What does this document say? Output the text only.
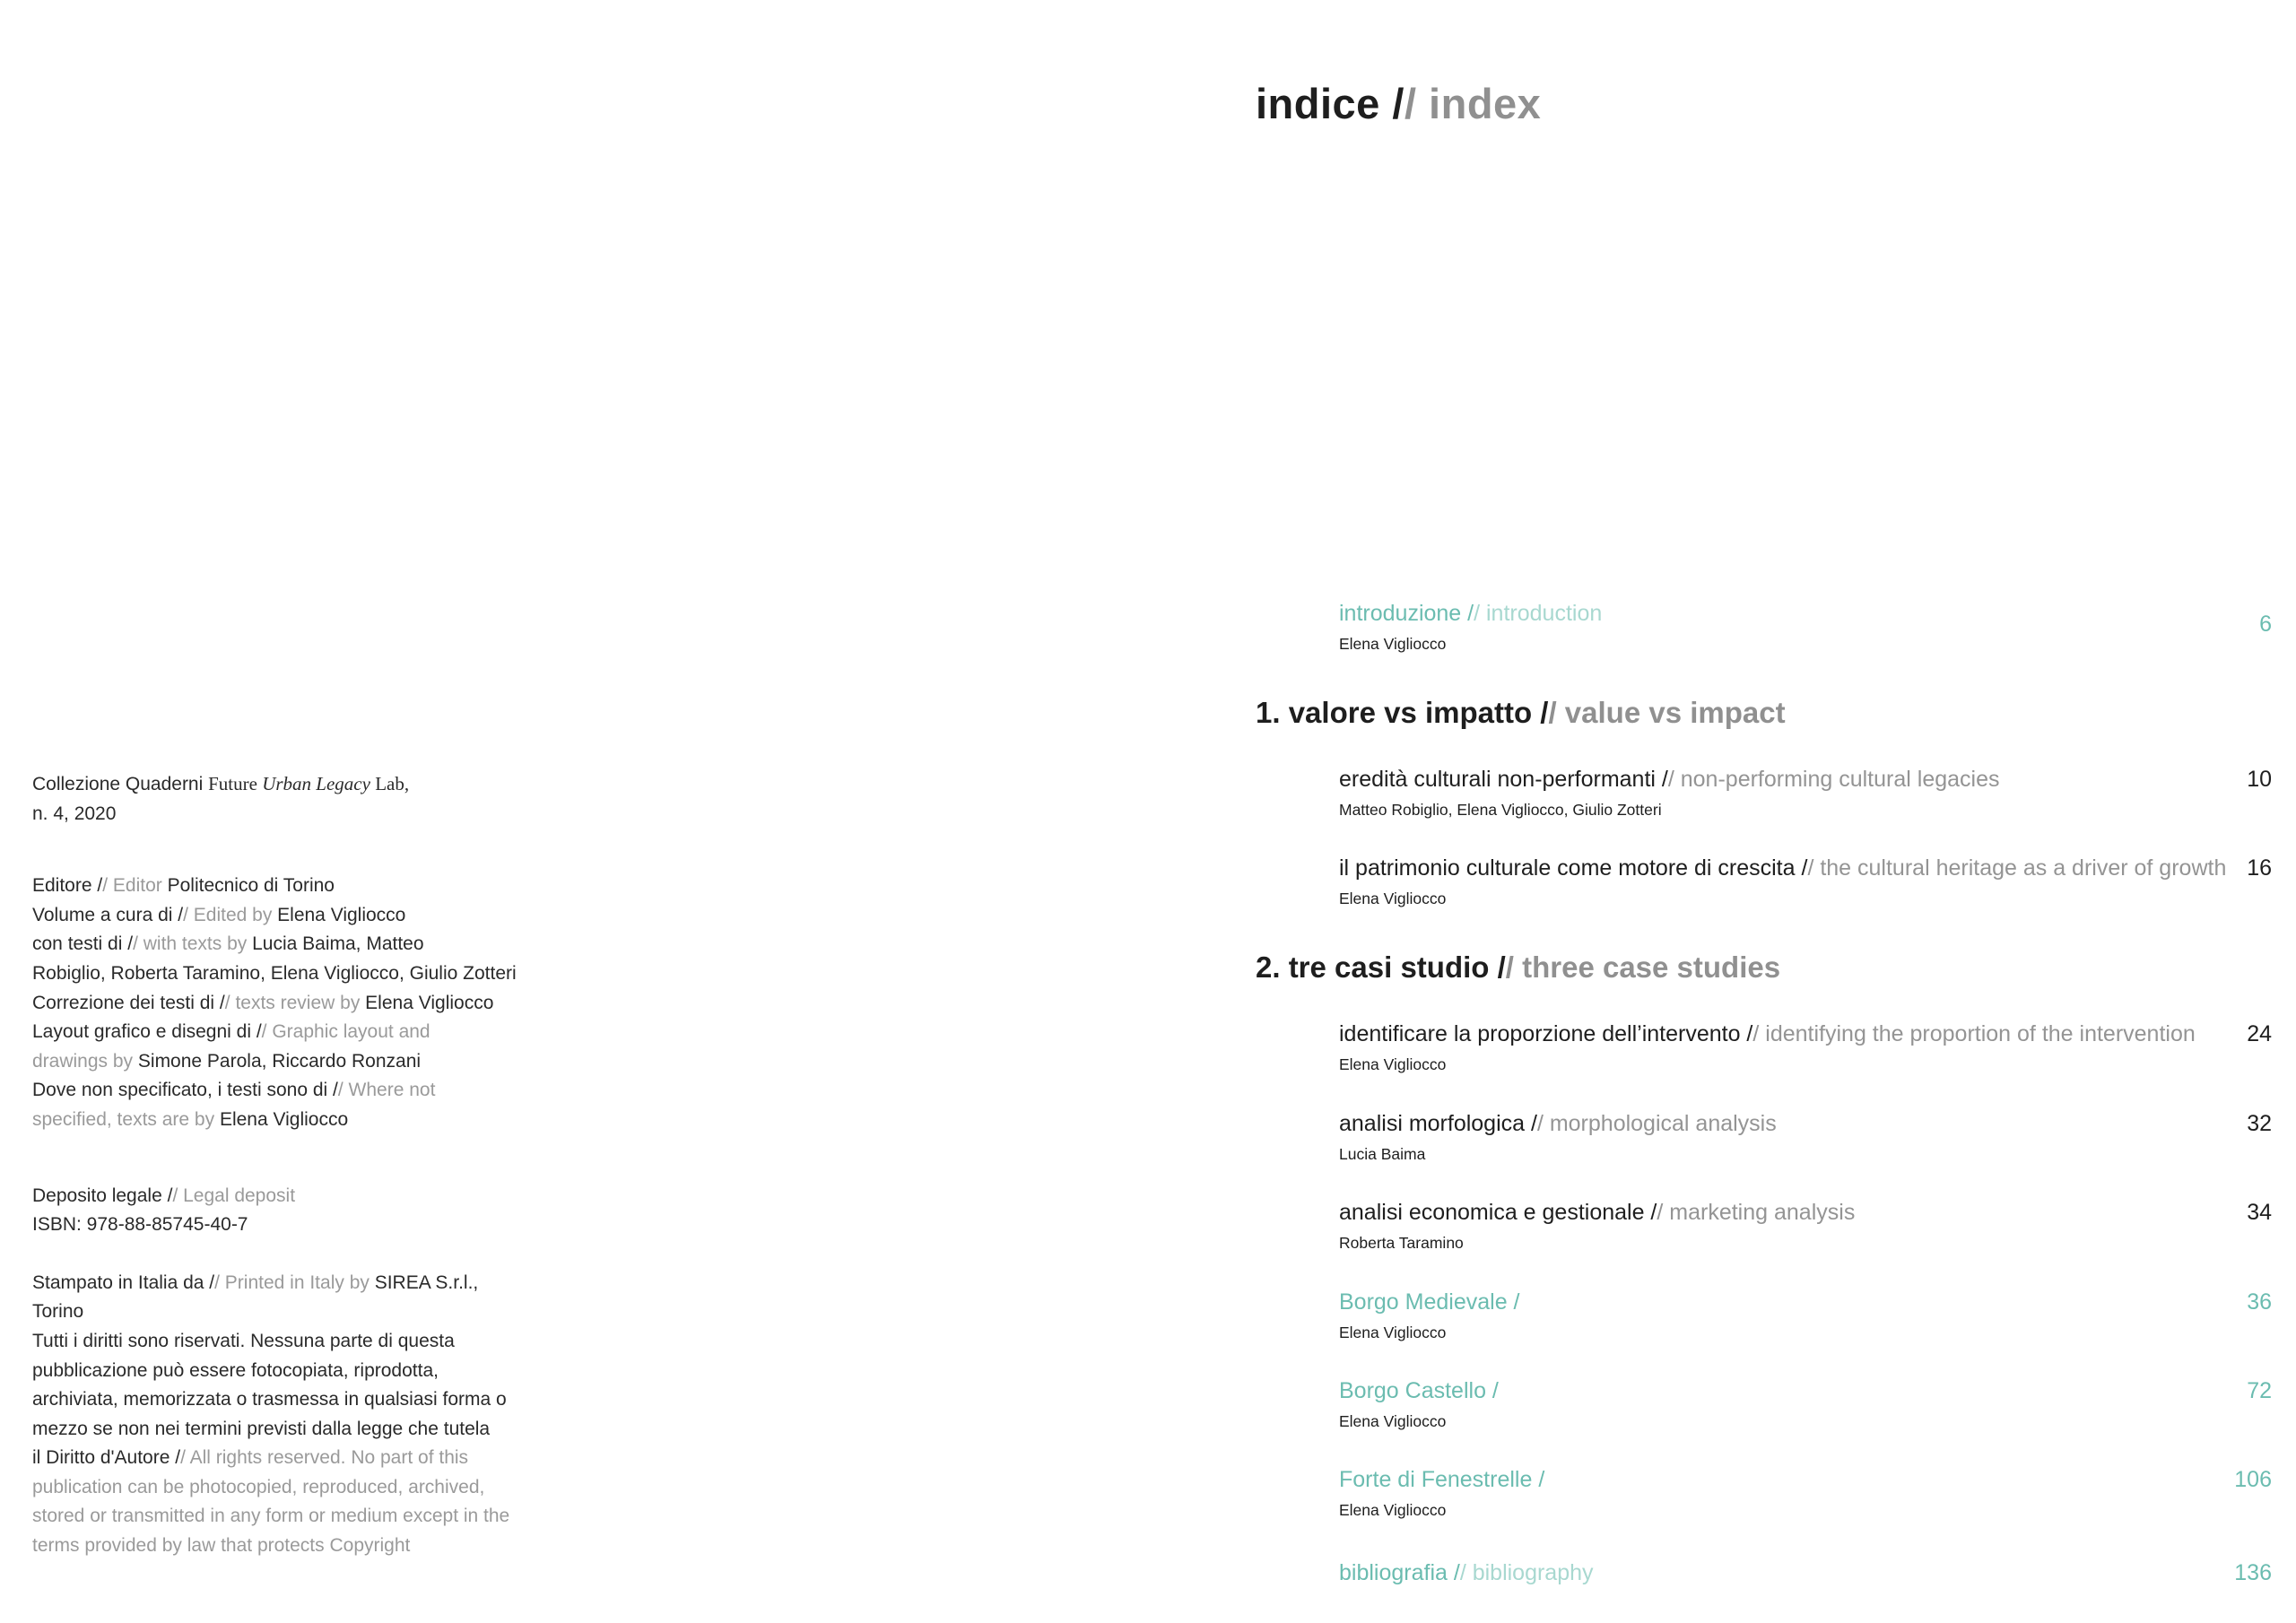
Collezione Quaderni Future Urban Legacy Lab,
n. 4, 2020
Editore // Editor Politecnico di Torino
Volume a cura di // Edited by Elena Vigliocco
con testi di // with texts by Lucia Baima, Matteo
Robiglio, Roberta Taramino, Elena Vigliocco, Giulio Zotteri
Correzione dei testi di // texts review by Elena Vigliocco
Layout grafico e disegni di // Graphic layout and
drawings by Simone Parola, Riccardo Ronzani
Dove non specificato, i testi sono di // Where not
specified, texts are by Elena Vigliocco
Deposito legale // Legal deposit
ISBN: 978-88-85745-40-7
Stampato in Italia da // Printed in Italy by SIREA S.r.l.,
Torino
Tutti i diritti sono riservati. Nessuna parte di questa
pubblicazione può essere fotocopiata, riprodotta,
archiviata, memorizzata o trasmessa in qualsiasi forma o
mezzo se non nei termini previsti dalla legge che tutela
il Diritto d'Autore // All rights reserved. No part of this
publication can be photocopied, reproduced, archived,
stored or transmitted in any form or medium except in the
terms provided by law that protects Copyright
indice // index
introduzione // introduction
Elena Vigliocco
6
1. valore vs impatto // value vs impact
eredità culturali non-performanti // non-performing cultural legacies
Matteo Robiglio, Elena Vigliocco, Giulio Zotteri
10
il patrimonio culturale come motore di crescita // the cultural heritage as a driver of growth
Elena Vigliocco
16
2. tre casi studio // three case studies
identificare la proporzione dell’intervento // identifying the proportion of the intervention
Elena Vigliocco
24
analisi morfologica // morphological analysis
Lucia Baima
32
analisi economica e gestionale // marketing analysis
Roberta Taramino
34
Borgo Medievale /
Elena Vigliocco
36
Borgo Castello /
Elena Vigliocco
72
Forte di Fenestrelle /
Elena Vigliocco
106
bibliografia // bibliography	136
